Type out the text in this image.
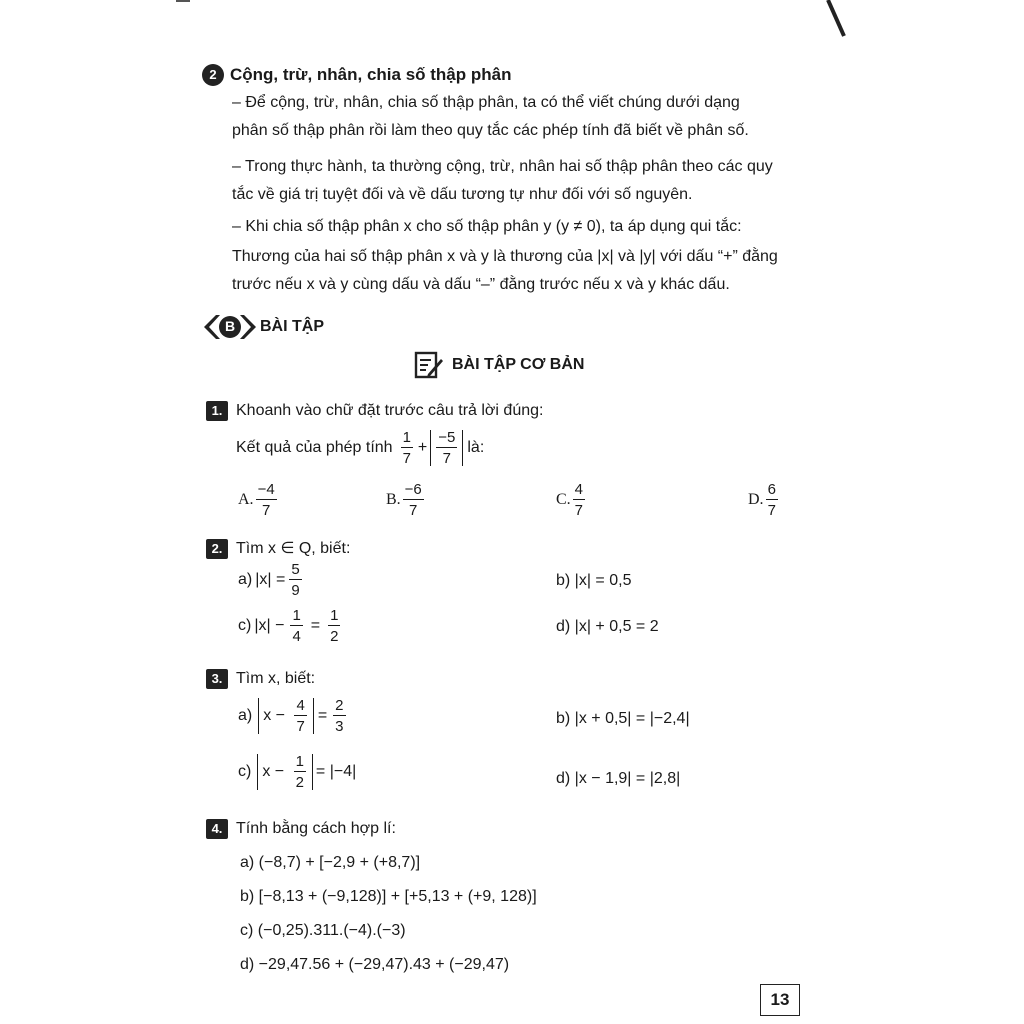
2 Cộng, trừ, nhân, chia số thập phân
– Để cộng, trừ, nhân, chia số thập phân, ta có thể viết chúng dưới dạng
phân số thập phân rồi làm theo quy tắc các phép tính đã biết về phân số.
– Trong thực hành, ta thường cộng, trừ, nhân hai số thập phân theo các quy
tắc về giá trị tuyệt đối và về dấu tương tự như đối với số nguyên.
– Khi chia số thập phân x cho số thập phân y (y ≠ 0), ta áp dụng qui tắc:
Thương của hai số thập phân x và y là thương của |x| và |y| với dấu “+” đằng
trước nếu x và y cùng dấu và dấu “–” đằng trước nếu x và y khác dấu.
B BÀI TẬP
BÀI TẬP CƠ BẢN
1. Khoanh vào chữ đặt trước câu trả lời đúng:
Kết quả của phép tính $\frac{1}{7} + \frac{-5}{7}$ là:
A. $\frac{-4}{7}$	B. $\frac{-6}{7}$	C. $\frac{4}{7}$	D. $\frac{6}{7}$
2. Tìm x ∈ Q, biết:
a) $|x| = \frac{5}{9}$	b) |x| = 0,5
c) $|x| - \frac{1}{4} = \frac{1}{2}$	d) |x| + 0,5 = 2
3. Tìm x, biết:
a) $x - \frac{4}{7} = \frac{2}{3}$	b) |x + 0,5| = |−2,4|
c) $x - \frac{1}{2} = |-4|$	d) |x − 1,9| = |2,8|
4. Tính bằng cách hợp lí:
a) (−8,7) + [−2,9 + (+8,7)]
b) [−8,13 + (−9,128)] + [+5,13 + (+9, 128)]
c) (−0,25).311.(−4).(−3)
d) −29,47.56 + (−29,47).43 + (−29,47)
13
